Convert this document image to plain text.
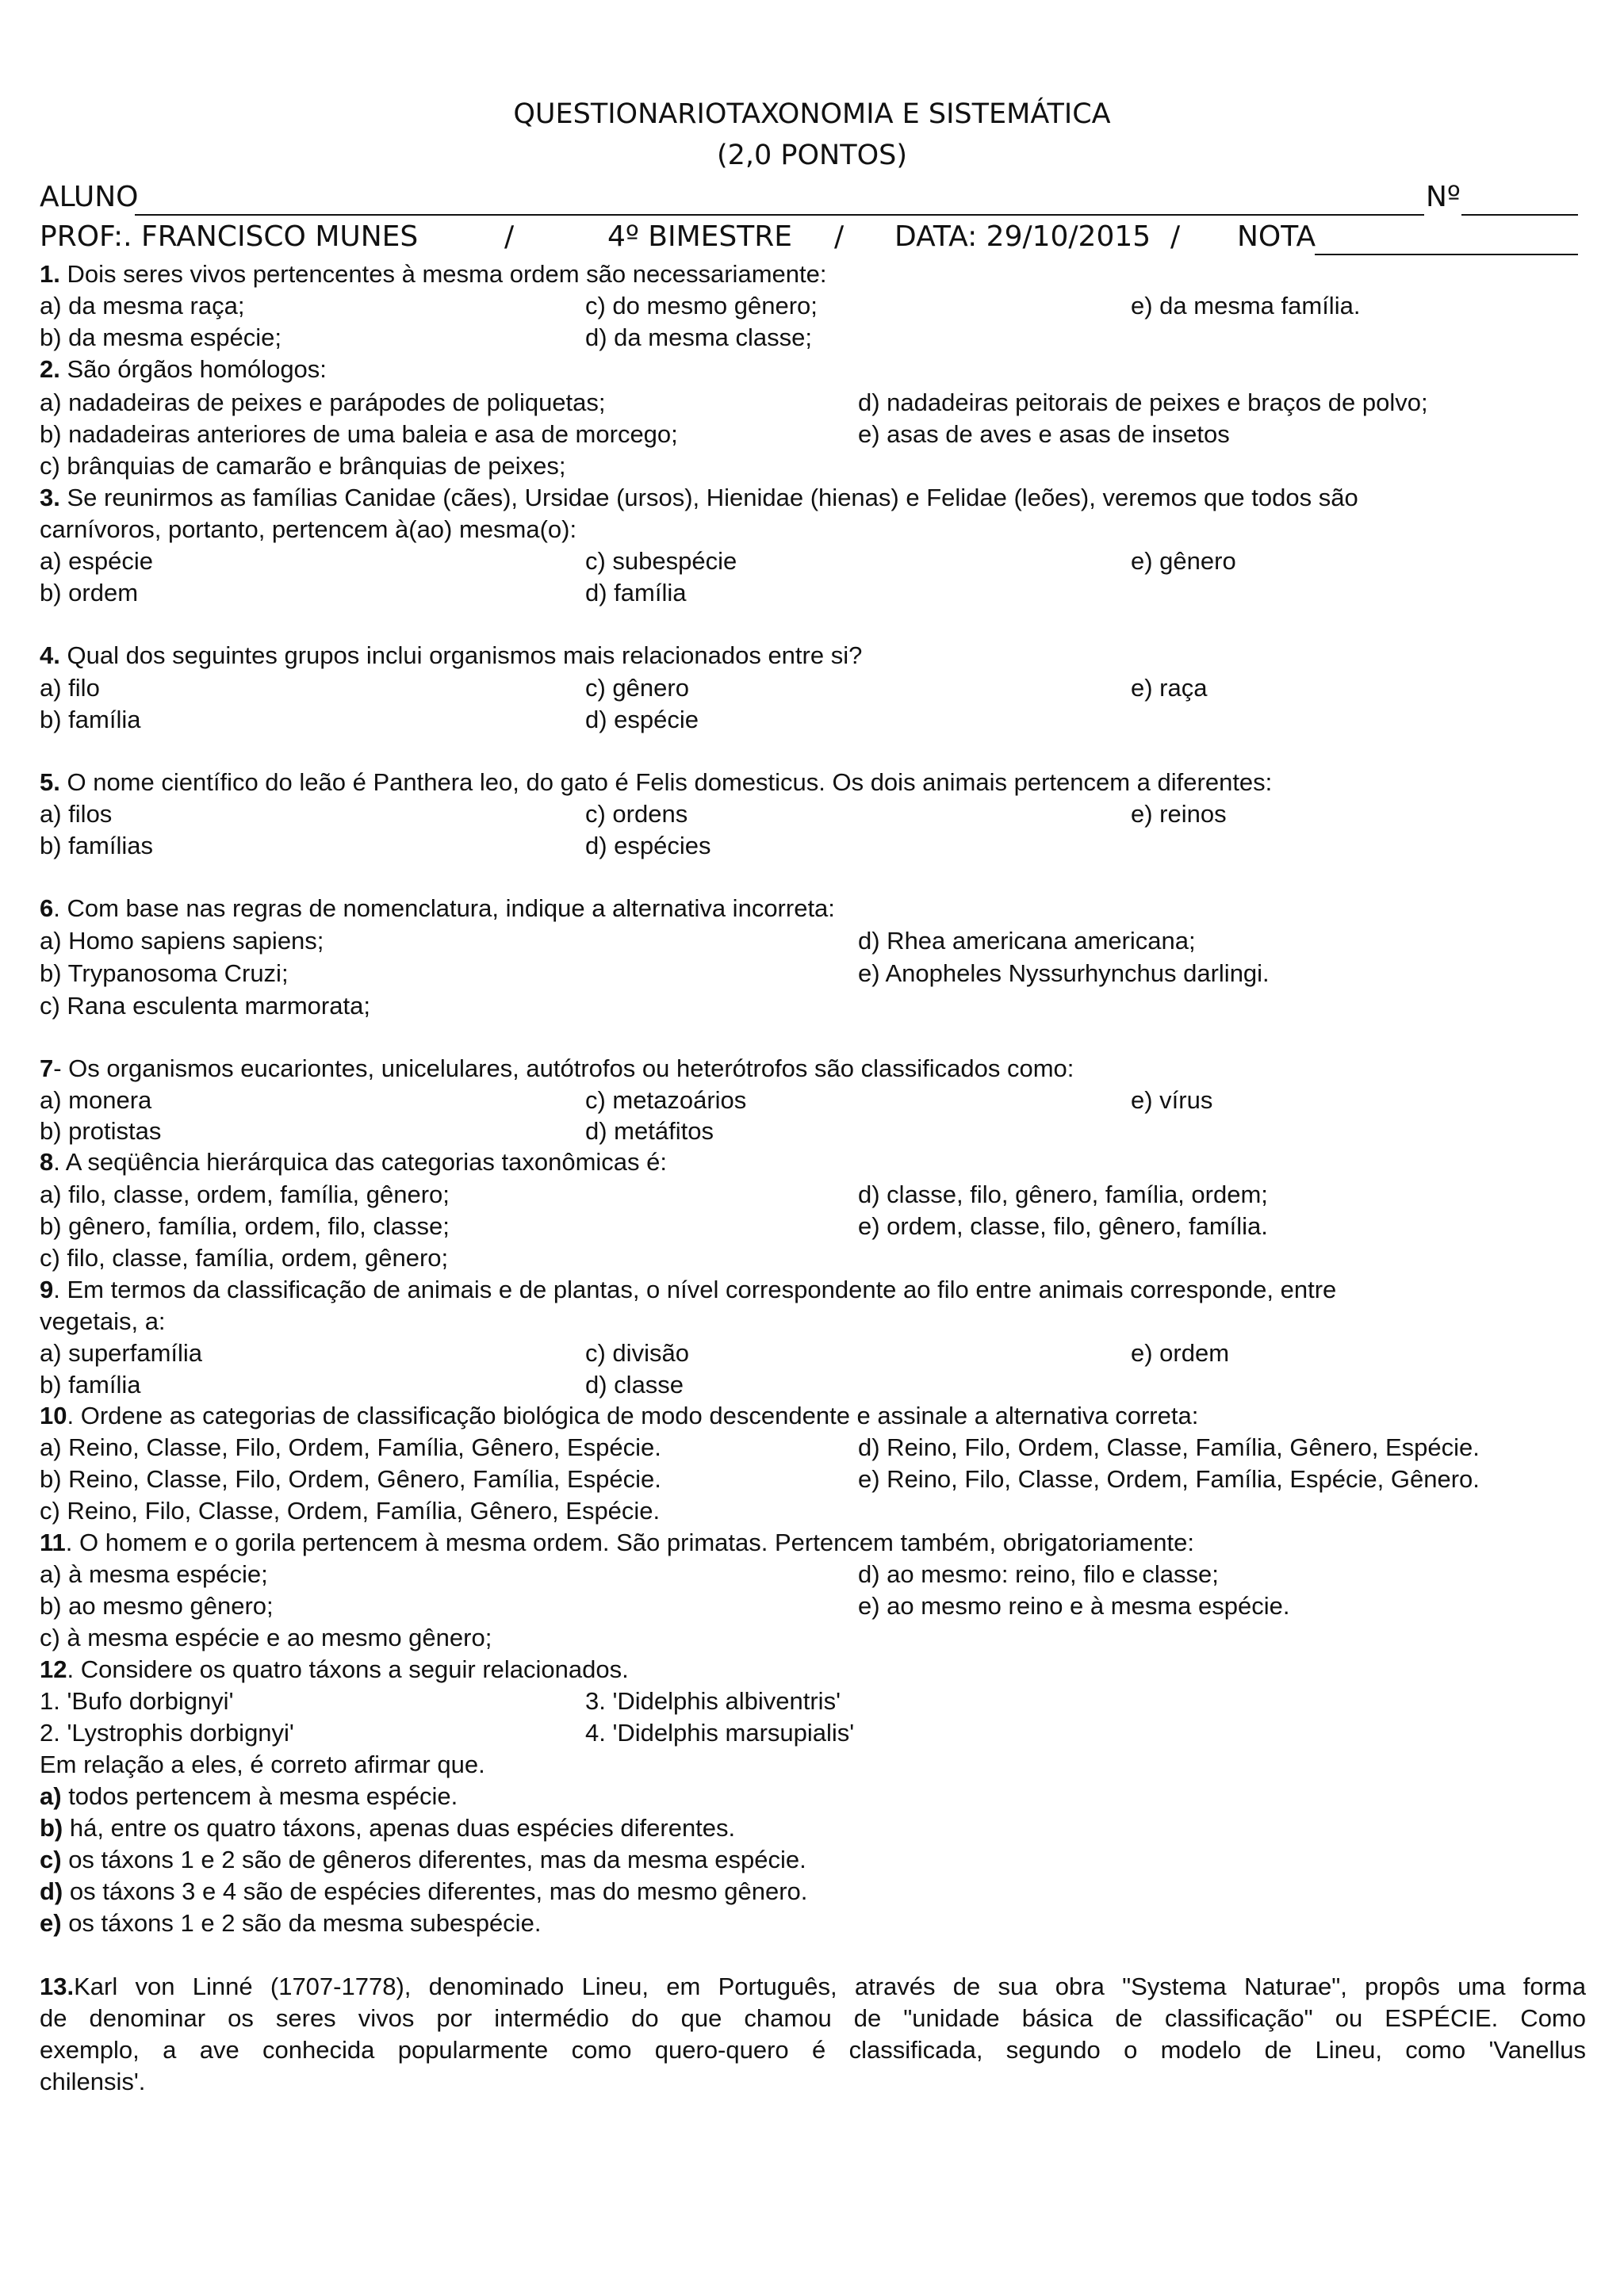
QUESTIONARIOTAXONOMIA E SISTEMÁTICA
(2,0 PONTOS)
ALUNO	Nº
PROF:. FRANCISCO MUNES	/	4º BIMESTRE / DATA: 29/10/2015 / NOTA
1. Dois seres vivos pertencentes à mesma ordem são necessariamente:
a) da mesma raça;	c) do mesmo gênero;	e) da mesma família.
b) da mesma espécie;	d) da mesma classe;
2. São órgãos homólogos:
a) nadadeiras de peixes e parápodes de poliquetas;	d) nadadeiras peitorais de peixes e braços de polvo;
b) nadadeiras anteriores de uma baleia e asa de morcego;	e) asas de aves e asas de insetos
c) brânquias de camarão e brânquias de peixes;
3. Se reunirmos as famílias Canidae (cães), Ursidae (ursos), Hienidae (hienas) e Felidae (leões), veremos que todos são
carnívoros, portanto, pertencem à(ao) mesma(o):
a) espécie	c) subespécie	e) gênero
b) ordem	d) família
4. Qual dos seguintes grupos inclui organismos mais relacionados entre si?
a) filo	c) gênero	e) raça
b) família	d) espécie
5. O nome científico do leão é Panthera leo, do gato é Felis domesticus. Os dois animais pertencem a diferentes:
a) filos	c) ordens	e) reinos
b) famílias	d) espécies
6. Com base nas regras de nomenclatura, indique a alternativa incorreta:
a) Homo sapiens sapiens;	d) Rhea americana americana;
b) Trypanosoma Cruzi;	e) Anopheles Nyssurhynchus darlingi.
c) Rana esculenta marmorata;
7- Os organismos eucariontes, unicelulares, autótrofos ou heterótrofos são classificados como:
a) monera	c) metazoários	e) vírus
b) protistas	d) metáfitos
8. A seqüência hierárquica das categorias taxonômicas é:
a) filo, classe, ordem, família, gênero;	d) classe, filo, gênero, família, ordem;
b) gênero, família, ordem, filo, classe;	e) ordem, classe, filo, gênero, família.
c) filo, classe, família, ordem, gênero;
9. Em termos da classificação de animais e de plantas, o nível correspondente ao filo entre animais corresponde, entre
vegetais, a:
a) superfamília	c) divisão	e) ordem
b) família	d) classe
10. Ordene as categorias de classificação biológica de modo descendente e assinale a alternativa correta:
a) Reino, Classe, Filo, Ordem, Família, Gênero, Espécie.	d) Reino, Filo, Ordem, Classe, Família, Gênero, Espécie.
b) Reino, Classe, Filo, Ordem, Gênero, Família, Espécie.	e) Reino, Filo, Classe, Ordem, Família, Espécie, Gênero.
c) Reino, Filo, Classe, Ordem, Família, Gênero, Espécie.
11. O homem e o gorila pertencem à mesma ordem. São primatas. Pertencem também, obrigatoriamente:
a) à mesma espécie;	d) ao mesmo: reino, filo e classe;
b) ao mesmo gênero;	e) ao mesmo reino e à mesma espécie.
c) à mesma espécie e ao mesmo gênero;
12. Considere os quatro táxons a seguir relacionados.
1. 'Bufo dorbignyi'	3. 'Didelphis albiventris'
2. 'Lystrophis dorbignyi'	4. 'Didelphis marsupialis'
Em relação a eles, é correto afirmar que.
a) todos pertencem à mesma espécie.
b) há, entre os quatro táxons, apenas duas espécies diferentes.
c) os táxons 1 e 2 são de gêneros diferentes, mas da mesma espécie.
d) os táxons 3 e 4 são de espécies diferentes, mas do mesmo gênero.
e) os táxons 1 e 2 são da mesma subespécie.
13.Karl von Linné (1707-1778), denominado Lineu, em Português, através de sua obra "Systema Naturae", propôs uma forma
de denominar os seres vivos por intermédio do que chamou de "unidade básica de classificação" ou ESPÉCIE. Como
exemplo, a ave conhecida popularmente como quero-quero é classificada, segundo o modelo de Lineu, como 'Vanellus
chilensis'.
